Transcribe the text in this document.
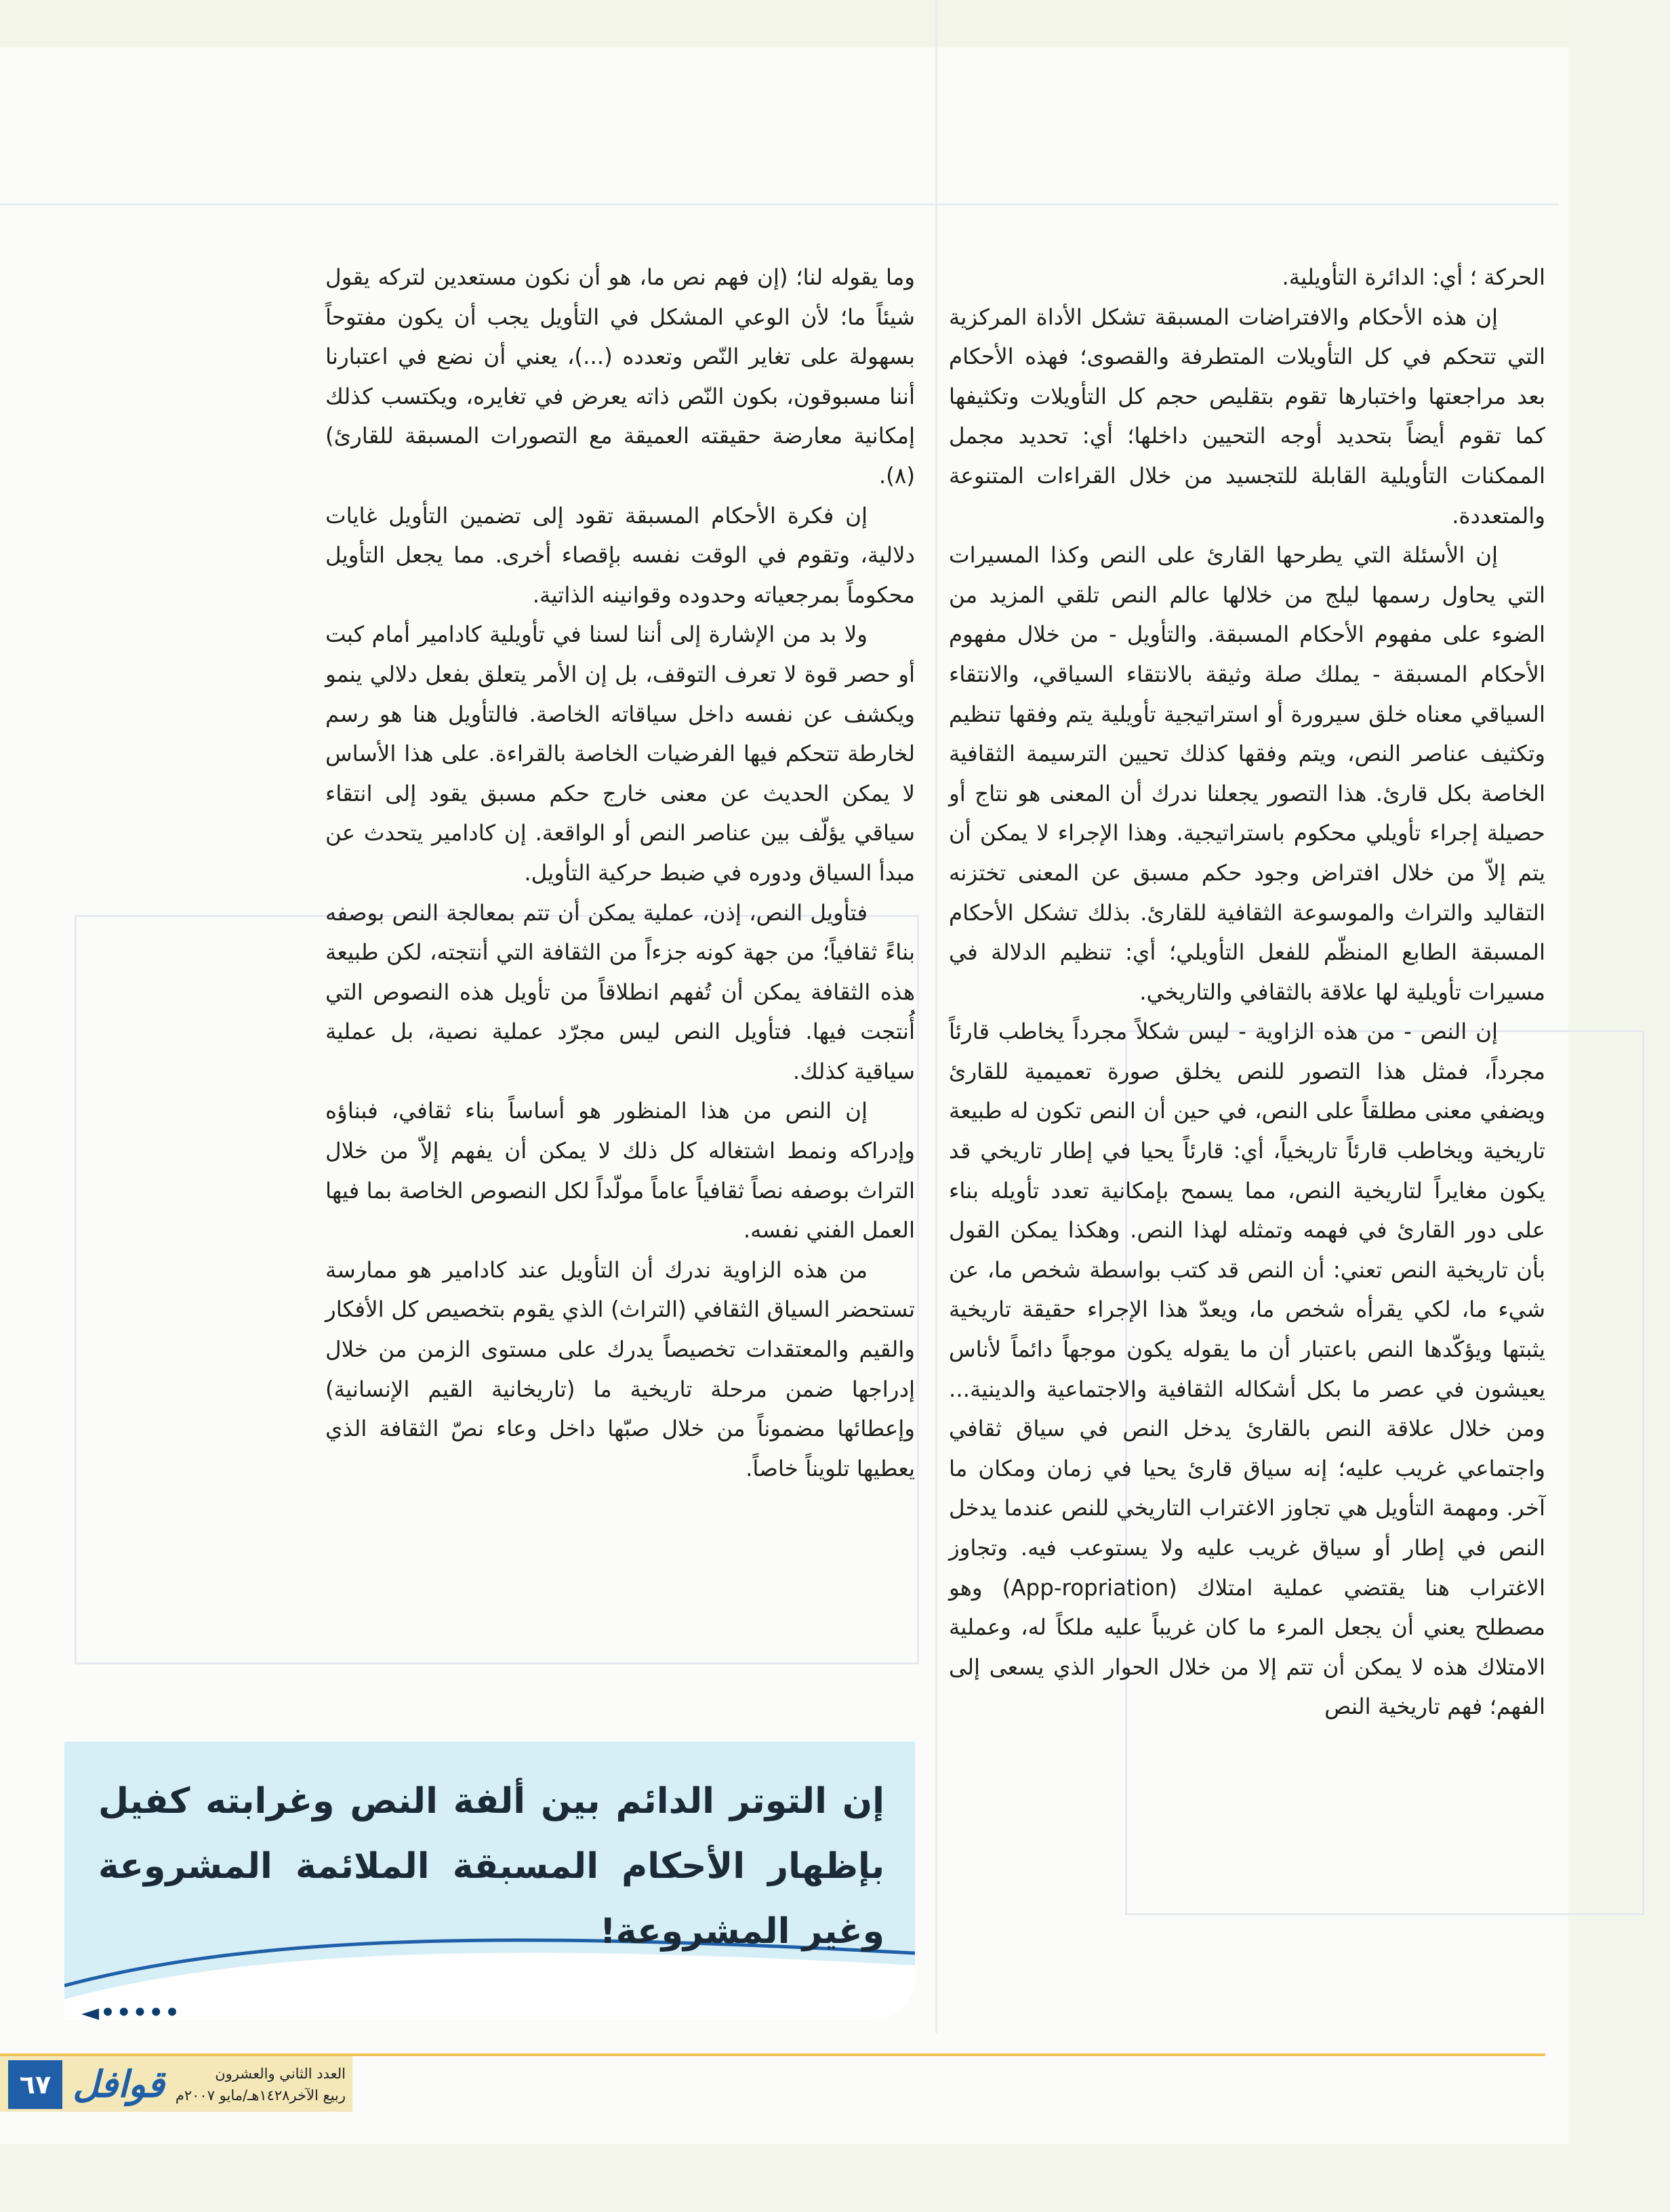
الحركة ؛ أي: الدائرة التأويلية.

إن هذه الأحكام والافتراضات المسبقة تشكل الأداة المركزية التي تتحكم في كل التأويلات المتطرفة والقصوى؛ فهذه الأحكام بعد مراجعتها واختبارها تقوم بتقليص حجم كل التأويلات وتكثيفها كما تقوم أيضاً بتحديد أوجه التحيين داخلها؛ أي: تحديد مجمل الممكنات التأويلية القابلة للتجسيد من خلال القراءات المتنوعة والمتعددة.

إن الأسئلة التي يطرحها القارئ على النص وكذا المسيرات التي يحاول رسمها ليلج من خلالها عالم النص تلقي المزيد من الضوء على مفهوم الأحكام المسبقة. والتأويل - من خلال مفهوم الأحكام المسبقة - يملك صلة وثيقة بالانتقاء السياقي، والانتقاء السياقي معناه خلق سيرورة أو استراتيجية تأويلية يتم وفقها تنظيم وتكثيف عناصر النص، ويتم وفقها كذلك تحيين الترسيمة الثقافية الخاصة بكل قارئ. هذا التصور يجعلنا ندرك أن المعنى هو نتاج أو حصيلة إجراء تأويلي محكوم باستراتيجية. وهذا الإجراء لا يمكن أن يتم إلاّ من خلال افتراض وجود حكم مسبق عن المعنى تختزنه التقاليد والتراث والموسوعة الثقافية للقارئ. بذلك تشكل الأحكام المسبقة الطابع المنظّم للفعل التأويلي؛ أي: تنظيم الدلالة في مسيرات تأويلية لها علاقة بالثقافي والتاريخي.

إن النص - من هذه الزاوية - ليس شكلاً مجرداً يخاطب قارئاً مجرداً، فمثل هذا التصور للنص يخلق صورة تعميمية للقارئ ويضفي معنى مطلقاً على النص، في حين أن النص تكون له طبيعة تاريخية ويخاطب قارئاً تاريخياً، أي: قارئاً يحيا في إطار تاريخي قد يكون مغايراً لتاريخية النص، مما يسمح بإمكانية تعدد تأويله بناء على دور القارئ في فهمه وتمثله لهذا النص. وهكذا يمكن القول بأن تاريخية النص تعني: أن النص قد كتب بواسطة شخص ما، عن شيء ما، لكي يقرأه شخص ما، ويعدّ هذا الإجراء حقيقة تاريخية يثبتها ويؤكّدها النص باعتبار أن ما يقوله يكون موجهاً دائماً لأناس يعيشون في عصر ما بكل أشكاله الثقافية والاجتماعية والدينية... ومن خلال علاقة النص بالقارئ يدخل النص في سياق ثقافي واجتماعي غريب عليه؛ إنه سياق قارئ يحيا في زمان ومكان ما آخر. ومهمة التأويل هي تجاوز الاغتراب التاريخي للنص عندما يدخل النص في إطار أو سياق غريب عليه ولا يستوعب فيه. وتجاوز الاغتراب هنا يقتضي عملية امتلاك (App-ropriation) وهو مصطلح يعني أن يجعل المرء ما كان غريباً عليه ملكاً له، وعملية الامتلاك هذه لا يمكن أن تتم إلا من خلال الحوار الذي يسعى إلى الفهم؛ فهم تاريخية النص

وما يقوله لنا؛ (إن فهم نص ما، هو أن نكون مستعدين لتركه يقول شيئاً ما؛ لأن الوعي المشكل في التأويل يجب أن يكون مفتوحاً بسهولة على تغاير النّص وتعدده (...)، يعني أن نضع في اعتبارنا أننا مسبوقون، بكون النّص ذاته يعرض في تغايره، ويكتسب كذلك إمكانية معارضة حقيقته العميقة مع التصورات المسبقة للقارئ)(٨).

إن فكرة الأحكام المسبقة تقود إلى تضمين التأويل غايات دلالية، وتقوم في الوقت نفسه بإقصاء أخرى. مما يجعل التأويل محكوماً بمرجعياته وحدوده وقوانينه الذاتية.

ولا بد من الإشارة إلى أننا لسنا في تأويلية كادامير أمام كبت أو حصر قوة لا تعرف التوقف، بل إن الأمر يتعلق بفعل دلالي ينمو ويكشف عن نفسه داخل سياقاته الخاصة. فالتأويل هنا هو رسم لخارطة تتحكم فيها الفرضيات الخاصة بالقراءة. على هذا الأساس لا يمكن الحديث عن معنى خارج حكم مسبق يقود إلى انتقاء سياقي يؤلّف بين عناصر النص أو الواقعة. إن كادامير يتحدث عن مبدأ السياق ودوره في ضبط حركية التأويل.

فتأويل النص، إذن، عملية يمكن أن تتم بمعالجة النص بوصفه بناءً ثقافياً؛ من جهة كونه جزءاً من الثقافة التي أنتجته، لكن طبيعة هذه الثقافة يمكن أن تُفهم انطلاقاً من تأويل هذه النصوص التي أُنتجت فيها. فتأويل النص ليس مجرّد عملية نصية، بل عملية سياقية كذلك.

إن النص من هذا المنظور هو أساساً بناء ثقافي، فبناؤه وإدراكه ونمط اشتغاله كل ذلك لا يمكن أن يفهم إلاّ من خلال التراث بوصفه نصاً ثقافياً عاماً مولّداً لكل النصوص الخاصة بما فيها العمل الفني نفسه.

من هذه الزاوية ندرك أن التأويل عند كادامير هو ممارسة تستحضر السياق الثقافي (التراث) الذي يقوم بتخصيص كل الأفكار والقيم والمعتقدات تخصيصاً يدرك على مستوى الزمن من خلال إدراجها ضمن مرحلة تاريخية ما (تاريخانية القيم الإنسانية) وإعطائها مضموناً من خلال صبّها داخل وعاء نصّ الثقافة الذي يعطيها تلويناً خاصاً.

إن التوتر الدائم بين ألفة النص وغرابته كفيل بإظهار الأحكام المسبقة الملائمة المشروعة وغير المشروعة!
◄•••••
٦٧ قوافل	العدد الثاني والعشرون
ربيع الآخر١٤٢٨هـ/مايو ٢٠٠٧م
